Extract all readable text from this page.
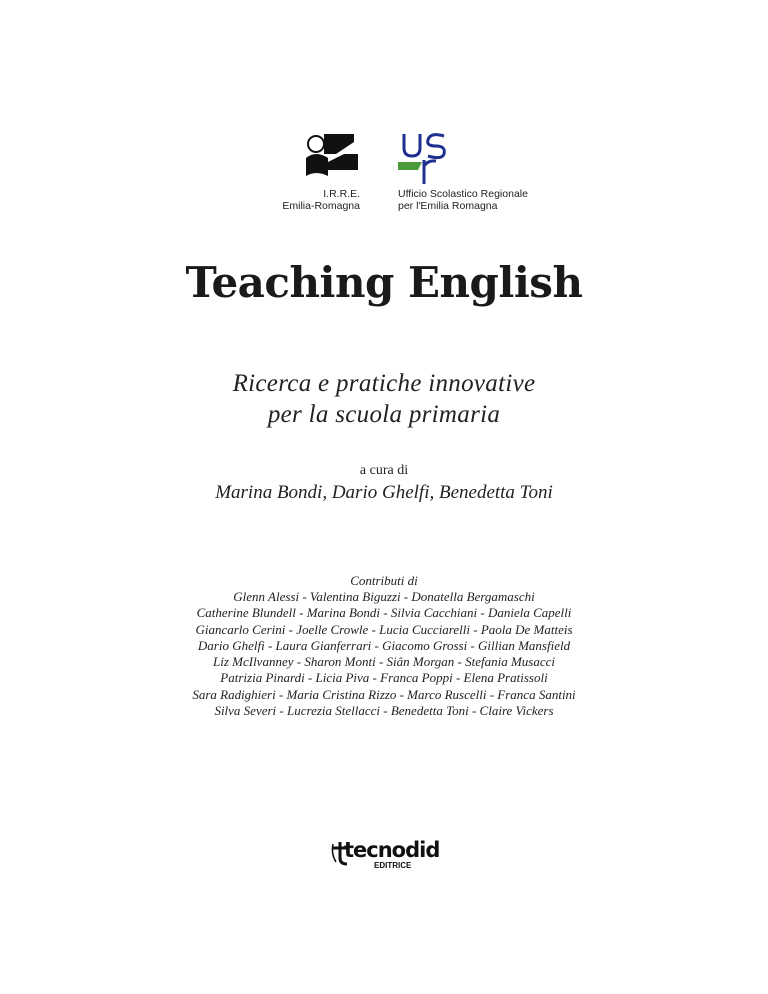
I.R.R.E.
Emilia-Romagna
Ufficio Scolastico Regionale
per l'Emilia Romagna
Teaching English
Ricerca e pratiche innovative
per la scuola primaria
a cura di
Marina Bondi, Dario Ghelfi, Benedetta Toni
Contributi di
Glenn Alessi - Valentina Biguzzi - Donatella Bergamaschi
Catherine Blundell - Marina Bondi - Silvia Cacchiani - Daniela Capelli
Giancarlo Cerini - Joelle Crowle - Lucia Cucciarelli - Paola De Matteis
Dario Ghelfi - Laura Gianferrari - Giacomo Grossi - Gillian Mansfield
Liz McIlvanney - Sharon Monti - Siân Morgan - Stefania Musacci
Patrizia Pinardi - Licia Piva - Franca Poppi - Elena Pratissoli
Sara Radighieri - Maria Cristina Rizzo - Marco Ruscelli - Franca Santini
Silva Severi - Lucrezia Stellacci - Benedetta Toni - Claire Vickers
tecnodid
EDITRICE
